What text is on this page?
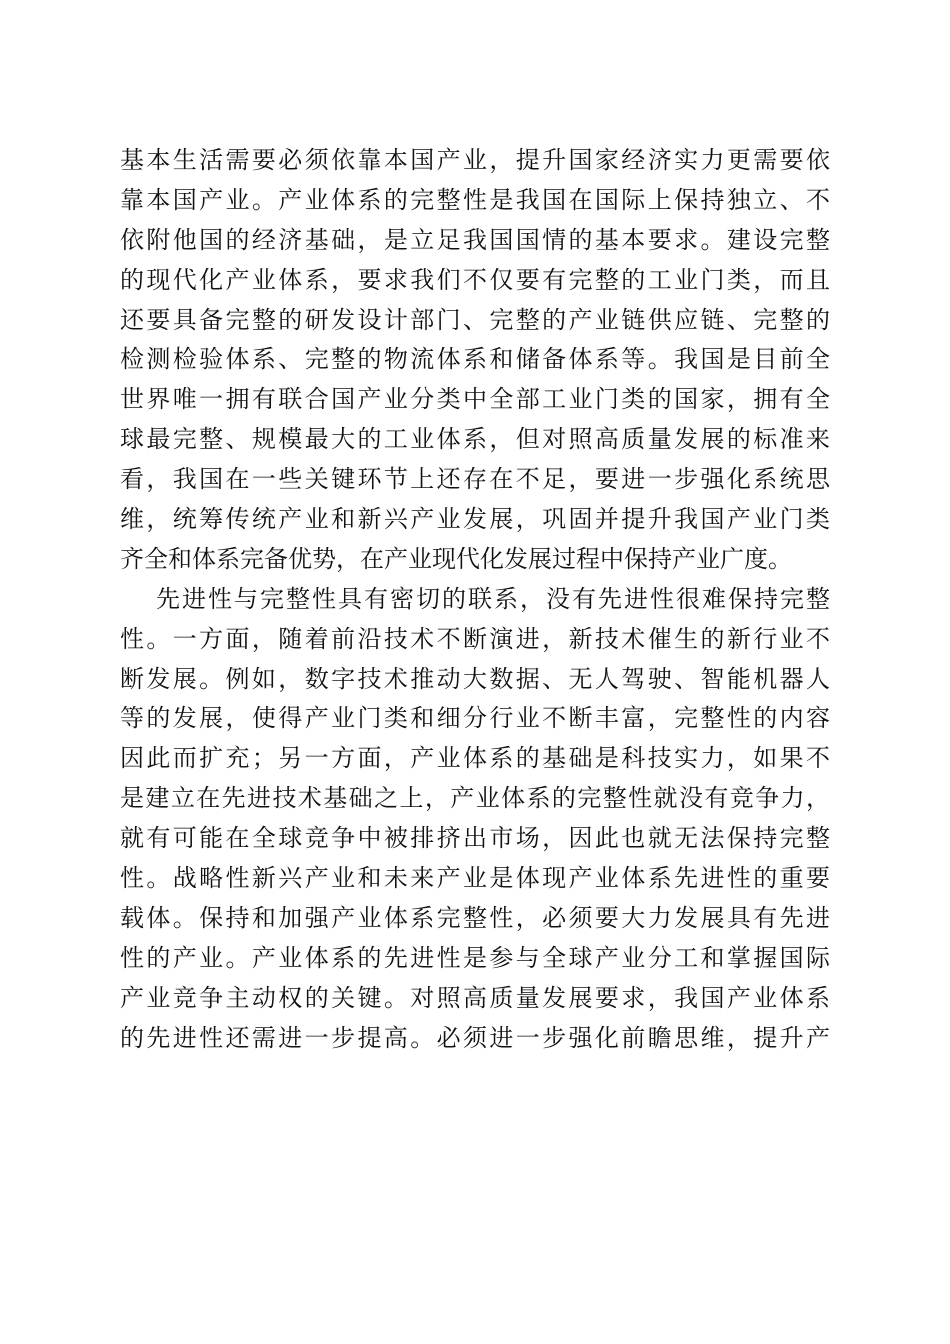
基本生活需要必须依靠本国产业，提升国家经济实力更需要依
靠本国产业。产业体系的完整性是我国在国际上保持独立、不
依附他国的经济基础，是立足我国国情的基本要求。建设完整
的现代化产业体系，要求我们不仅要有完整的工业门类，而且
还要具备完整的研发设计部门、完整的产业链供应链、完整的
检测检验体系、完整的物流体系和储备体系等。我国是目前全
世界唯一拥有联合国产业分类中全部工业门类的国家，拥有全
球最完整、规模最大的工业体系，但对照高质量发展的标准来
看，我国在一些关键环节上还存在不足，要进一步强化系统思
维，统筹传统产业和新兴产业发展，巩固并提升我国产业门类
齐全和体系完备优势，在产业现代化发展过程中保持产业广度。
先进性与完整性具有密切的联系，没有先进性很难保持完整
性。一方面，随着前沿技术不断演进，新技术催生的新行业不
断发展。例如，数字技术推动大数据、无人驾驶、智能机器人
等的发展，使得产业门类和细分行业不断丰富，完整性的内容
因此而扩充；另一方面，产业体系的基础是科技实力，如果不
是建立在先进技术基础之上，产业体系的完整性就没有竞争力，
就有可能在全球竞争中被排挤出市场，因此也就无法保持完整
性。战略性新兴产业和未来产业是体现产业体系先进性的重要
载体。保持和加强产业体系完整性，必须要大力发展具有先进
性的产业。产业体系的先进性是参与全球产业分工和掌握国际
产业竞争主动权的关键。对照高质量发展要求，我国产业体系
的先进性还需进一步提高。必须进一步强化前瞻思维，提升产
